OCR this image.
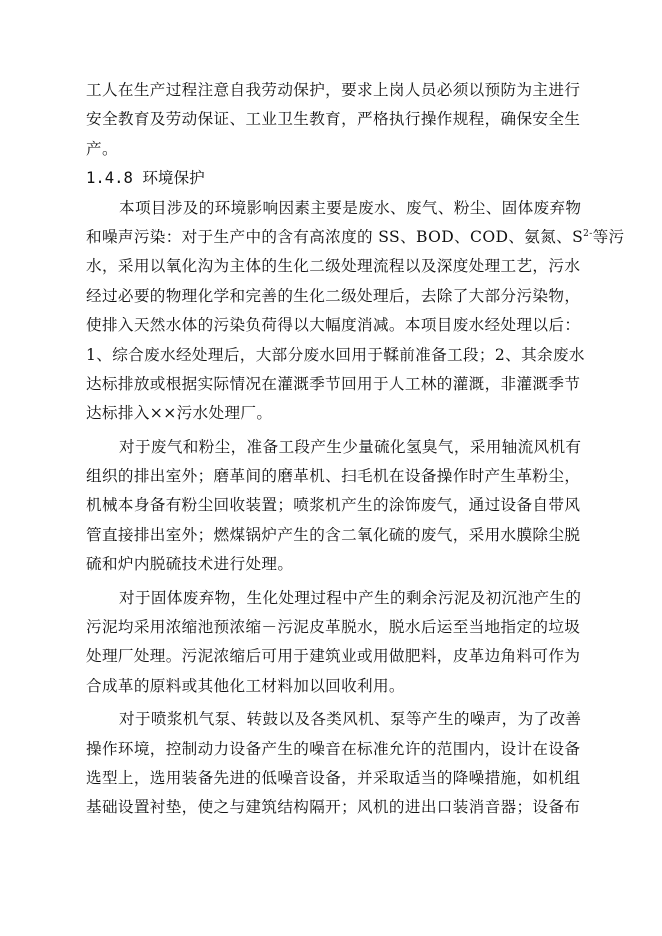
工人在生产过程注意自我劳动保护，要求上岗人员必须以预防为主进行
安全教育及劳动保证、工业卫生教育，严格执行操作规程，确保安全生
产。
1.4.8 环境保护
本项目涉及的环境影响因素主要是废水、废气、粉尘、固体废弃物
和噪声污染：对于生产中的含有高浓度的 SS、BOD、COD、氨氮、$S^{2-}$等污
水，采用以氧化沟为主体的生化二级处理流程以及深度处理工艺，污水
经过必要的物理化学和完善的生化二级处理后，去除了大部分污染物，
使排入天然水体的污染负荷得以大幅度消减。本项目废水经处理以后：
1、综合废水经处理后，大部分废水回用于鞣前准备工段；2、其余废水
达标排放或根据实际情况在灌溉季节回用于人工林的灌溉，非灌溉季节
达标排入××污水处理厂。
对于废气和粉尘，准备工段产生少量硫化氢臭气，采用轴流风机有
组织的排出室外；磨革间的磨革机、扫毛机在设备操作时产生革粉尘，
机械本身备有粉尘回收装置；喷浆机产生的涂饰废气，通过设备自带风
管直接排出室外；燃煤锅炉产生的含二氧化硫的废气，采用水膜除尘脱
硫和炉内脱硫技术进行处理。
对于固体废弃物，生化处理过程中产生的剩余污泥及初沉池产生的
污泥均采用浓缩池预浓缩－污泥皮革脱水，脱水后运至当地指定的垃圾
处理厂处理。污泥浓缩后可用于建筑业或用做肥料，皮革边角料可作为
合成革的原料或其他化工材料加以回收利用。
对于喷浆机气泵、转鼓以及各类风机、泵等产生的噪声，为了改善
操作环境，控制动力设备产生的噪音在标准允许的范围内，设计在设备
选型上，选用装备先进的低噪音设备，并采取适当的降噪措施，如机组
基础设置衬垫，使之与建筑结构隔开；风机的进出口装消音器；设备布
